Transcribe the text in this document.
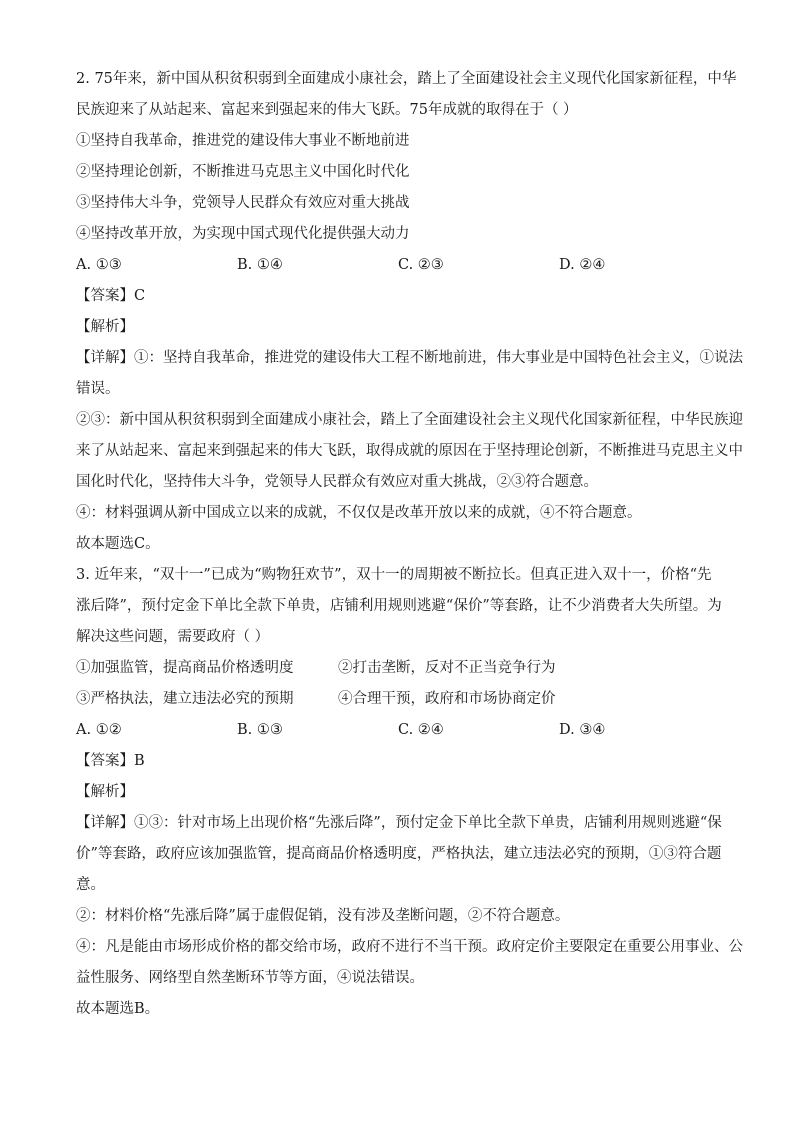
2. 75年来，新中国从积贫积弱到全面建成小康社会，踏上了全面建设社会主义现代化国家新征程，中华
民族迎来了从站起来、富起来到强起来的伟大飞跃。75年成就的取得在于（ ）
①坚持自我革命，推进党的建设伟大事业不断地前进
②坚持理论创新，不断推进马克思主义中国化时代化
③坚持伟大斗争，党领导人民群众有效应对重大挑战
④坚持改革开放，为实现中国式现代化提供强大动力
A. ①③	B. ①④	C. ②③	D. ②④
【答案】C
【解析】
【详解】①：坚持自我革命，推进党的建设伟大工程不断地前进，伟大事业是中国特色社会主义，①说法
错误。
②③：新中国从积贫积弱到全面建成小康社会，踏上了全面建设社会主义现代化国家新征程，中华民族迎
来了从站起来、富起来到强起来的伟大飞跃，取得成就的原因在于坚持理论创新，不断推进马克思主义中
国化时代化，坚持伟大斗争，党领导人民群众有效应对重大挑战，②③符合题意。
④：材料强调从新中国成立以来的成就，不仅仅是改革开放以来的成就，④不符合题意。
故本题选C。
3. 近年来，“双十一”已成为“购物狂欢节”，双十一的周期被不断拉长。但真正进入双十一，价格“先
涨后降”，预付定金下单比全款下单贵，店铺利用规则逃避“保价”等套路，让不少消费者大失所望。为
解决这些问题，需要政府（ ）
①加强监管，提高商品价格透明度	②打击垄断，反对不正当竞争行为
③严格执法，建立违法必究的预期	④合理干预，政府和市场协商定价
A. ①②	B. ①③	C. ②④	D. ③④
【答案】B
【解析】
【详解】①③：针对市场上出现价格“先涨后降”，预付定金下单比全款下单贵，店铺利用规则逃避“保
价”等套路，政府应该加强监管，提高商品价格透明度，严格执法，建立违法必究的预期，①③符合题
意。
②：材料价格“先涨后降”属于虚假促销，没有涉及垄断问题，②不符合题意。
④：凡是能由市场形成价格的都交给市场，政府不进行不当干预。政府定价主要限定在重要公用事业、公
益性服务、网络型自然垄断环节等方面，④说法错误。
故本题选B。
